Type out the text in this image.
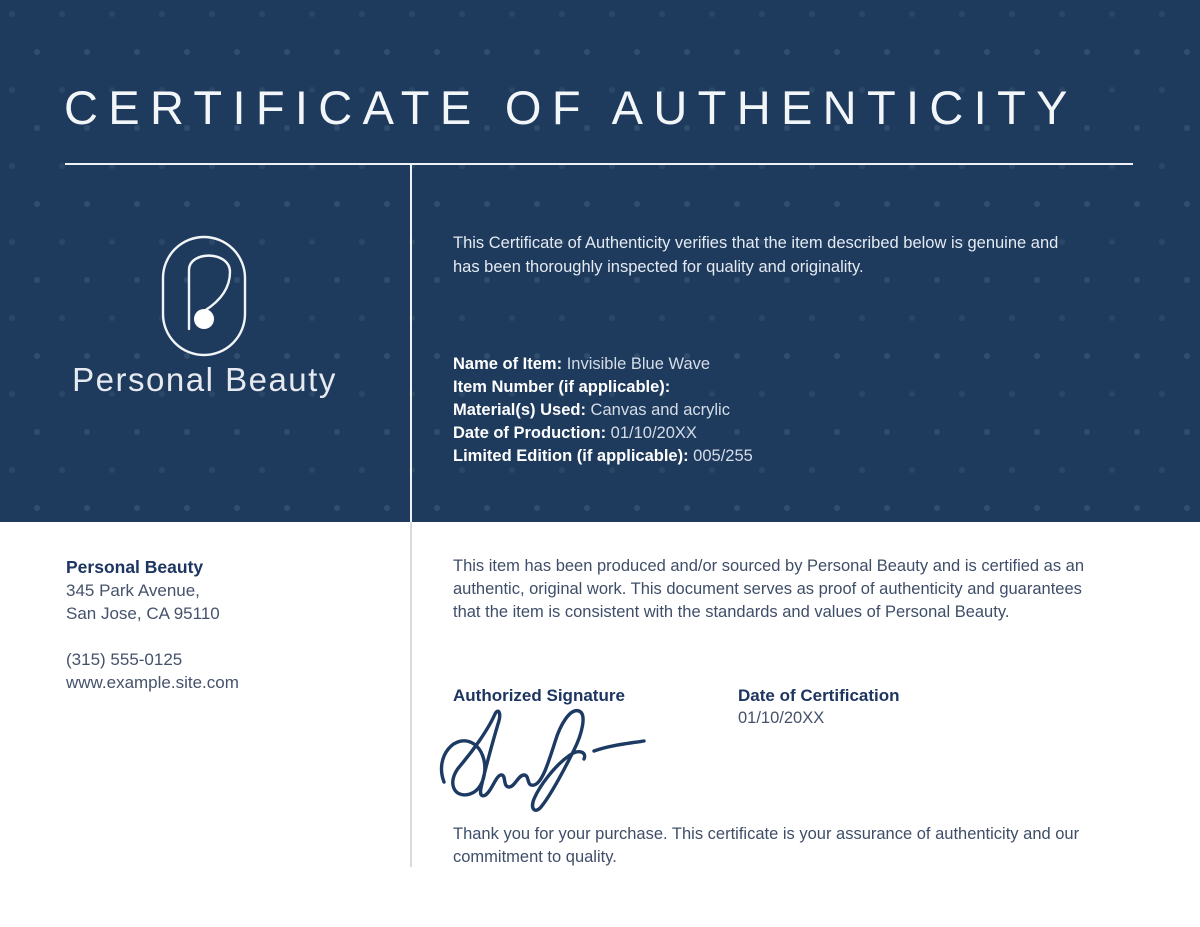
CERTIFICATE OF AUTHENTICITY
Personal Beauty

This Certificate of Authenticity verifies that the item described below is genuine and has been thoroughly inspected for quality and originality.

Name of Item: Invisible Blue Wave
Item Number (if applicable):
Material(s) Used: Canvas and acrylic
Date of Production: 01/10/20XX
Limited Edition (if applicable): 005/255
Personal Beauty
345 Park Avenue,
San Jose, CA 95110
(315) 555-0125
www.example.site.com

This item has been produced and/or sourced by Personal Beauty and is certified as an authentic, original work. This document serves as proof of authenticity and guarantees that the item is consistent with the standards and values of Personal Beauty.

Authorized Signature	Date of Certification
01/10/20XX

Thank you for your purchase. This certificate is your assurance of authenticity and our commitment to quality.
